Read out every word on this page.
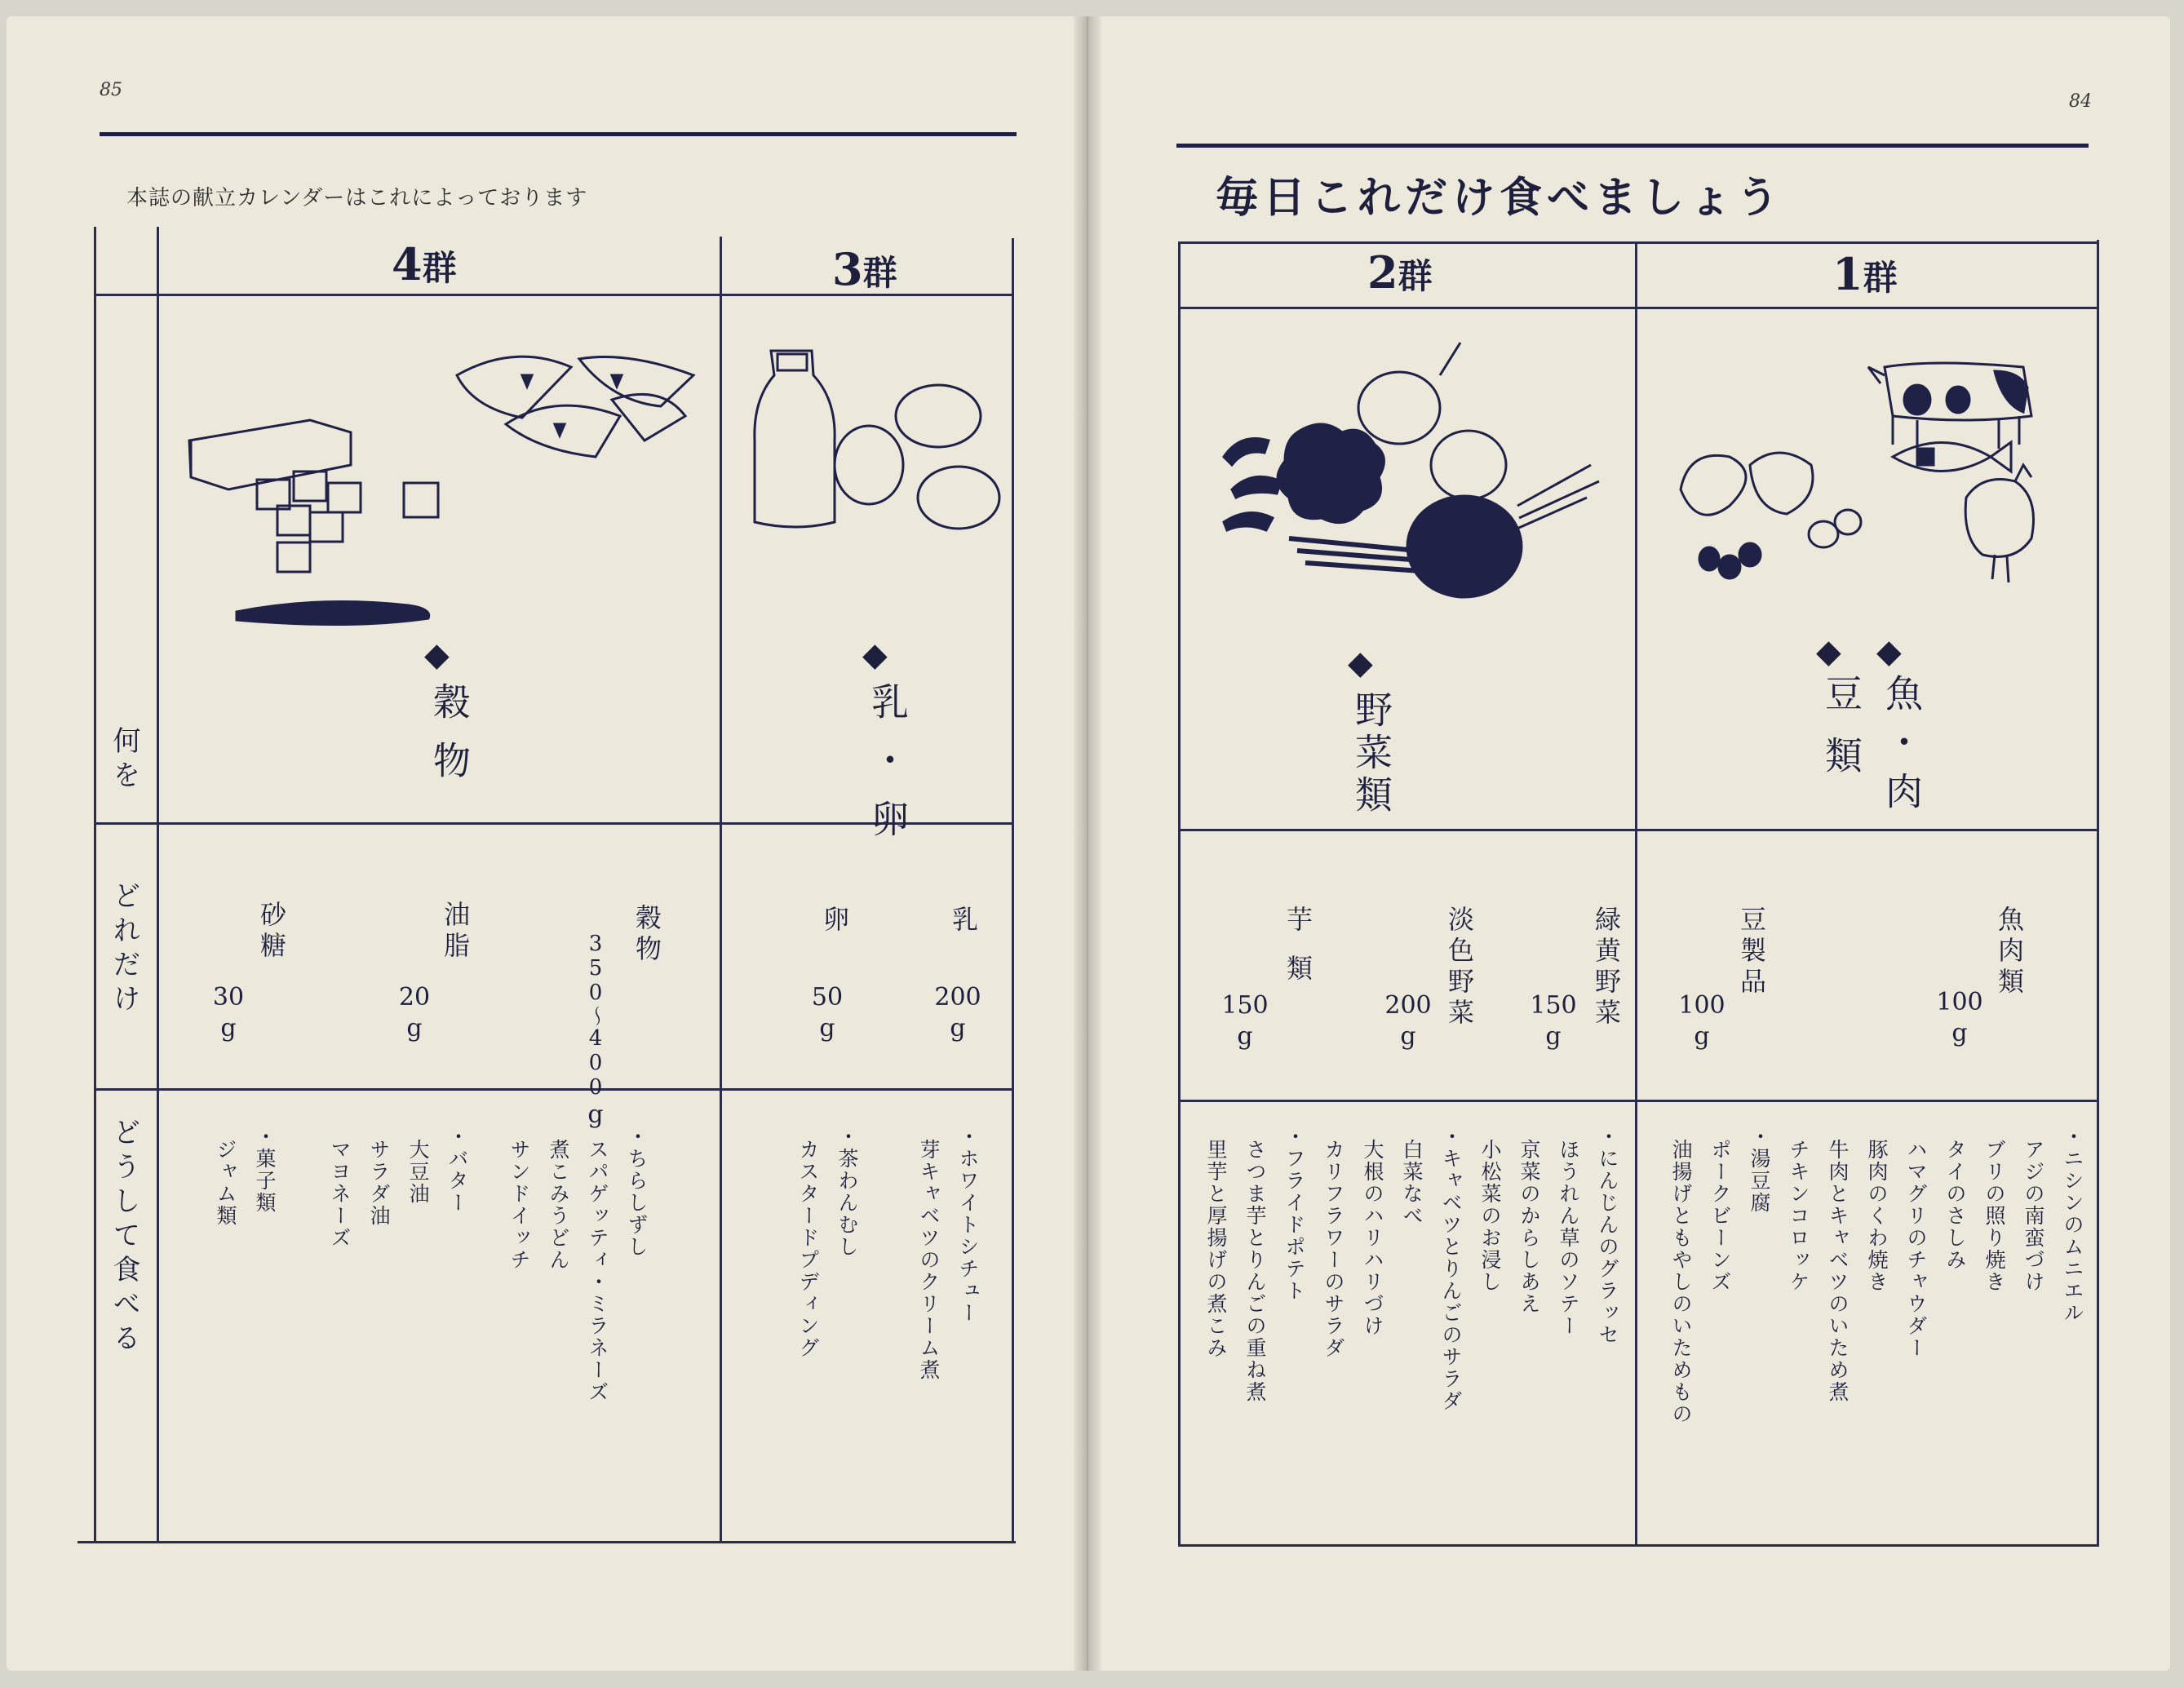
85
本誌の献立カレンダーはこれによっております
何を
どれだけ
どうして食べる
4群
◆
穀物
穀物
350〜400
g
油脂
20
g
砂糖
30
g
・ちらしずし
スパゲッティ・ミラネーズ
煮こみうどん
サンドイッチ
・バター
大豆油
サラダ油
マヨネーズ
・菓子類
ジャム類
3群
◆
乳・卵
乳
200
g
卵
50
g
・ホワイトシチュー
芽キャベツのクリーム煮
・茶わんむし
カスタードプディング
84
毎日これだけ食べましょう
2群
◆
野菜類
緑黄野菜
150
g
淡色野菜
200
g
芋類
150
g
・にんじんのグラッセ
ほうれん草のソテー
京菜のからしあえ
小松菜のお浸し
・キャベツとりんごのサラダ
白菜なべ
大根のハリハリづけ
カリフラワーのサラダ
・フライドポテト
さつま芋とりんごの重ね煮
里芋と厚揚げの煮こみ
1群
◆
魚・肉
◆
豆類
魚肉類
100
g
豆製品
100
g
・ニシンのムニエル
アジの南蛮づけ
ブリの照り焼き
タイのさしみ
ハマグリのチャウダー
豚肉のくわ焼き
牛肉とキャベツのいため煮
チキンコロッケ
・湯豆腐
ポークビーンズ
油揚げともやしのいためもの
